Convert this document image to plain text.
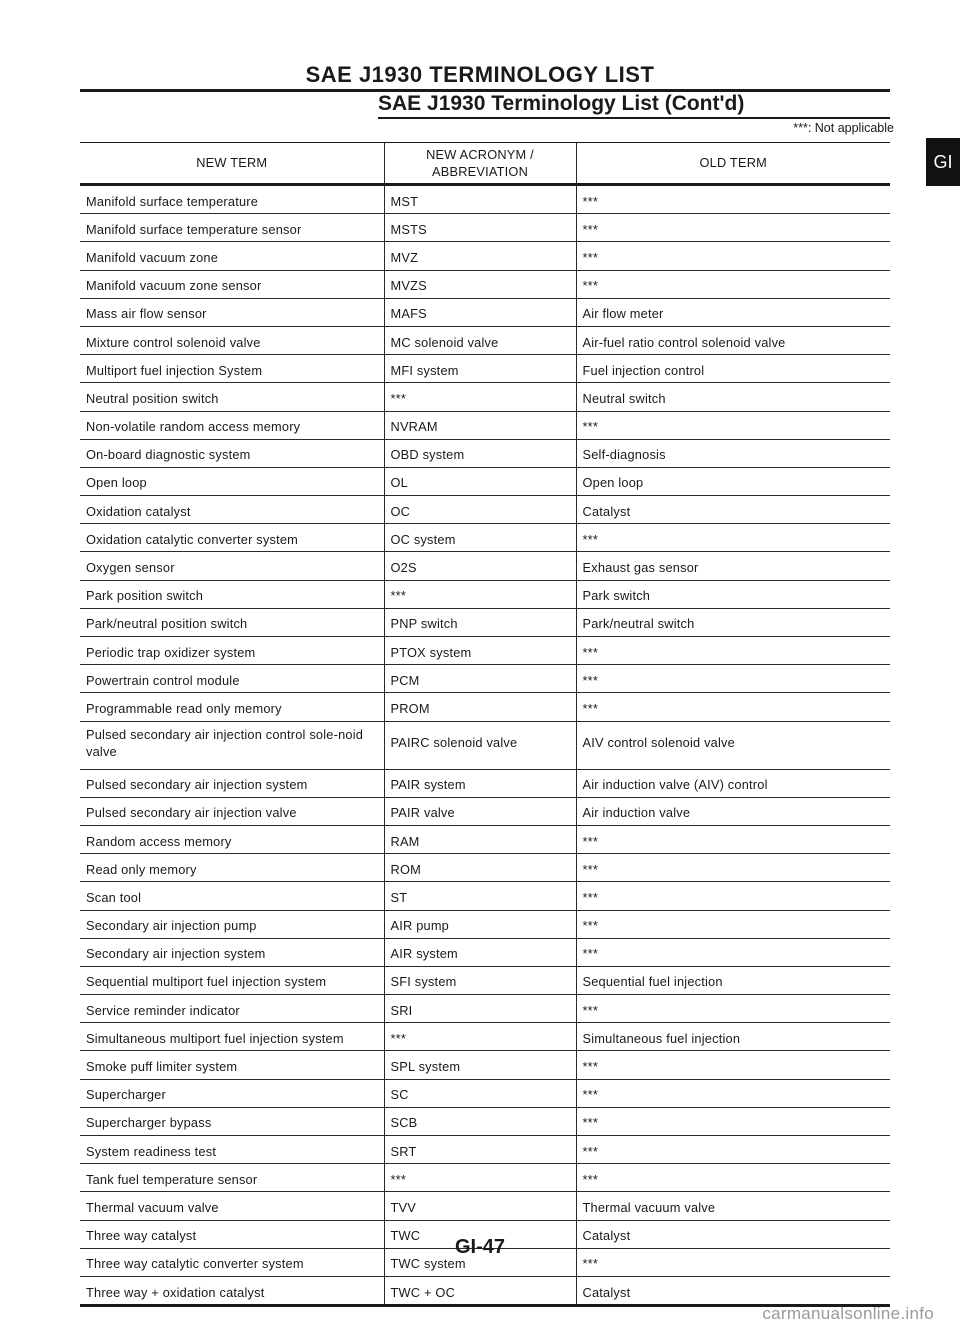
SAE J1930 TERMINOLOGY LIST
SAE J1930 Terminology List (Cont'd)
***: Not applicable
GI
NEW TERM	NEW ACRONYM / ABBREVIATION	OLD TERM
Manifold surface temperature	MST	***
Manifold surface temperature sensor	MSTS	***
Manifold vacuum zone	MVZ	***
Manifold vacuum zone sensor	MVZS	***
Mass air flow sensor	MAFS	Air flow meter
Mixture control solenoid valve	MC solenoid valve	Air-fuel ratio control solenoid valve
Multiport fuel injection System	MFI system	Fuel injection control
Neutral position switch	***	Neutral switch
Non-volatile random access memory	NVRAM	***
On-board diagnostic system	OBD system	Self-diagnosis
Open loop	OL	Open loop
Oxidation catalyst	OC	Catalyst
Oxidation catalytic converter system	OC system	***
Oxygen sensor	O2S	Exhaust gas sensor
Park position switch	***	Park switch
Park/neutral position switch	PNP switch	Park/neutral switch
Periodic trap oxidizer system	PTOX system	***
Powertrain control module	PCM	***
Programmable read only memory	PROM	***
Pulsed secondary air injection control sole-noid valve	PAIRC solenoid valve	AIV control solenoid valve
Pulsed secondary air injection system	PAIR system	Air induction valve (AIV) control
Pulsed secondary air injection valve	PAIR valve	Air induction valve
Random access memory	RAM	***
Read only memory	ROM	***
Scan tool	ST	***
Secondary air injection pump	AIR pump	***
Secondary air injection system	AIR system	***
Sequential multiport fuel injection system	SFI system	Sequential fuel injection
Service reminder indicator	SRI	***
Simultaneous multiport fuel injection system	***	Simultaneous fuel injection
Smoke puff limiter system	SPL system	***
Supercharger	SC	***
Supercharger bypass	SCB	***
System readiness test	SRT	***
Tank fuel temperature sensor	***	***
Thermal vacuum valve	TVV	Thermal vacuum valve
Three way catalyst	TWC	Catalyst
Three way catalytic converter system	TWC system	***
Three way + oxidation catalyst	TWC + OC	Catalyst
GI-47
carmanualsonline.info
